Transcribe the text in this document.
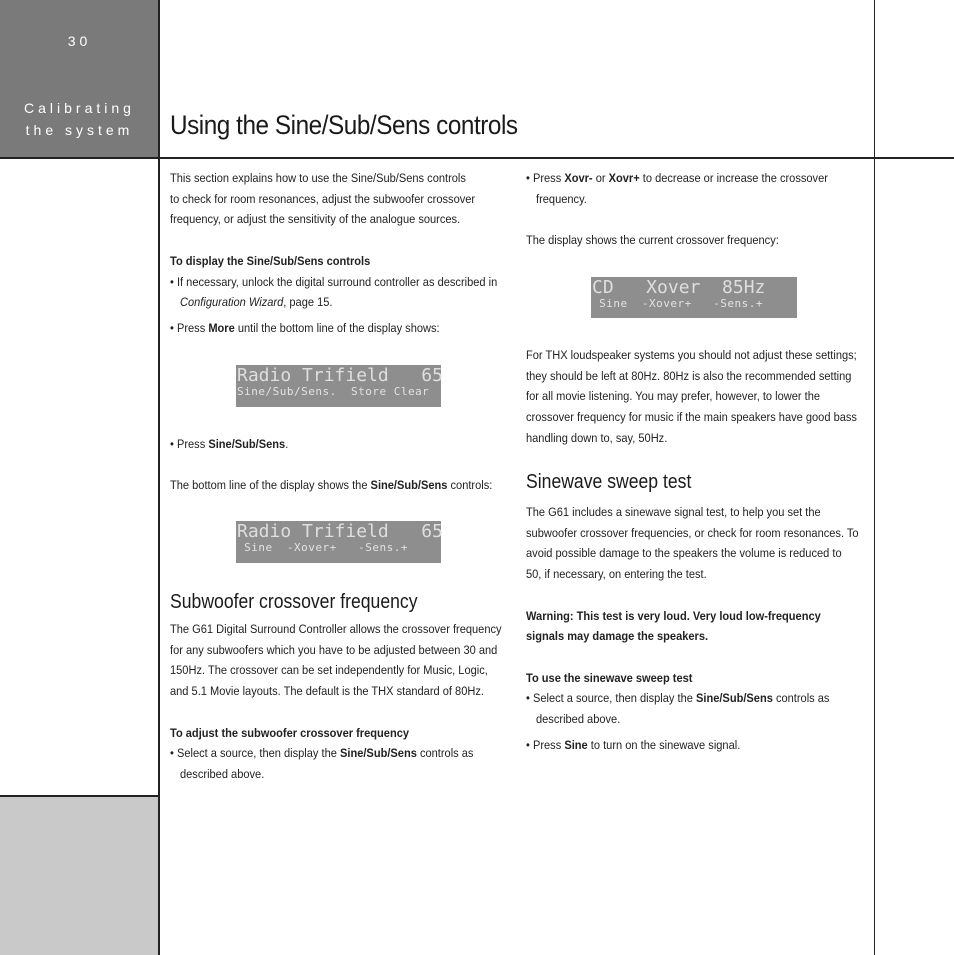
30
Calibrating
the system	Using the Sine/Sub/Sens controls

This section explains how to use the Sine/Sub/Sens controls

to check for room resonances, adjust the subwoofer crossover

frequency, or adjust the sensitivity of the analogue sources.

To display the Sine/Sub/Sens controls

• If necessary, unlock the digital surround controller as described in

Configuration Wizard, page 15.

• Press More until the bottom line of the display shows:

Radio Trifield   65
Sine/Sub/Sens.  Store Clear

• Press Sine/Sub/Sens.

The bottom line of the display shows the Sine/Sub/Sens controls:

Radio Trifield   65
Sine  -Xover+   -Sens.+
Subwoofer crossover frequency

The G61 Digital Surround Controller allows the crossover frequency

for any subwoofers which you have to be adjusted between 30 and

150Hz. The crossover can be set independently for Music, Logic,

and 5.1 Movie layouts. The default is the THX standard of 80Hz.

To adjust the subwoofer crossover frequency

• Select a source, then display the Sine/Sub/Sens controls as

described above.

• Press Xovr- or Xovr+ to decrease or increase the crossover

frequency.

The display shows the current crossover frequency:

CD   Xover  85Hz
Sine  -Xover+   -Sens.+

For THX loudspeaker systems you should not adjust these settings;

they should be left at 80Hz. 80Hz is also the recommended setting

for all movie listening. You may prefer, however, to lower the

crossover frequency for music if the main speakers have good bass

handling down to, say, 50Hz.

Sinewave sweep test

The G61 includes a sinewave signal test, to help you set the

subwoofer crossover frequencies, or check for room resonances. To

avoid possible damage to the speakers the volume is reduced to

50, if necessary, on entering the test.

Warning: This test is very loud. Very loud low-frequency

signals may damage the speakers.

To use the sinewave sweep test

• Select a source, then display the Sine/Sub/Sens controls as

described above.

• Press Sine to turn on the sinewave signal.
